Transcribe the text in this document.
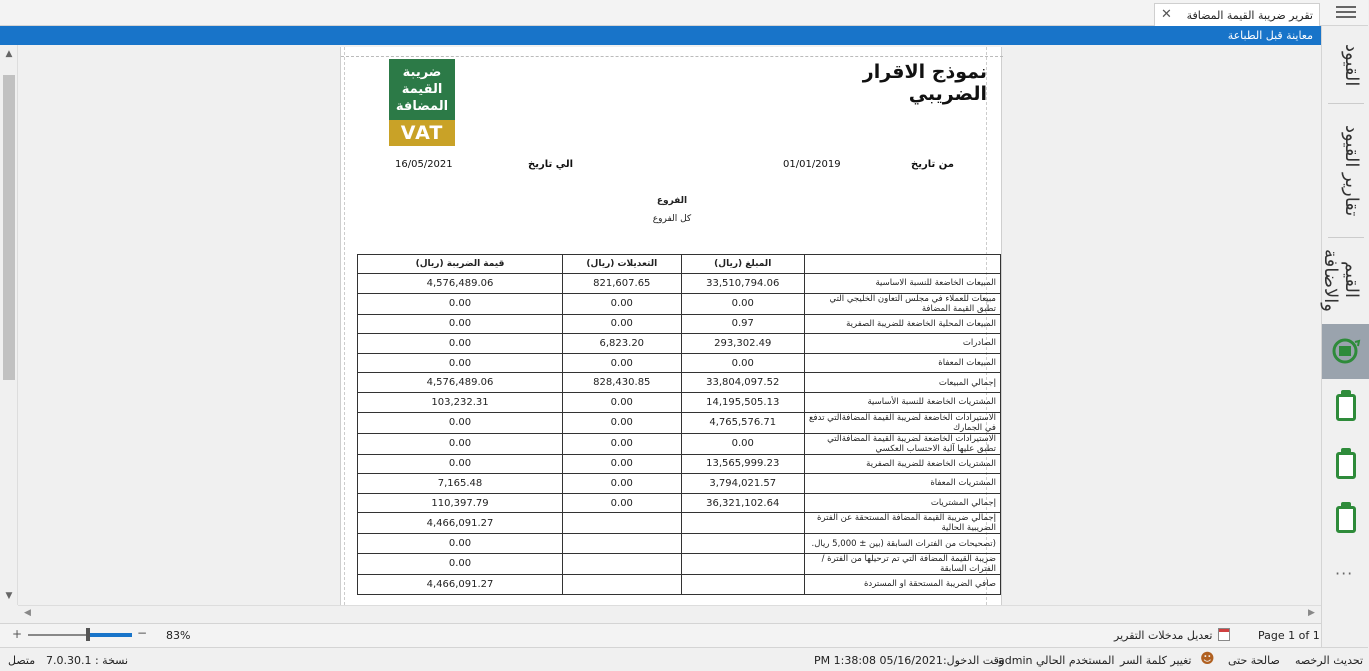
تقرير ضريبة القيمة المضافة
✕
معاينة قبل الطباعة
▲
▼
نموذج الاقرار الضريبي
ضريبة
القيمة
المضافة
VAT
من تاريخ
01/01/2019
الي تاريخ
16/05/2021
الفروع
كل الفروع
قيمة الضريبة (ريال)	التعديلات (ريال)	المبلغ (ريال)	
4,576,489.06	821,607.65	33,510,794.06	المبيعات الخاضعة للنسبة الاساسية
0.00	0.00	0.00	مبيعات للعملاء في مجلس التعاون الخليجي التي تطبق القيمة المضافة
0.00	0.00	0.97	المبيعات المحلية الخاضعة للضريبة الصفرية
0.00	6,823.20	293,302.49	الصادرات
0.00	0.00	0.00	المبيعات المعفاة
4,576,489.06	828,430.85	33,804,097.52	إجمالي المبيعات
103,232.31	0.00	14,195,505.13	المشتريات الخاضعة للنسبة الأساسية
0.00	0.00	4,765,576.71	الاستيرادات الخاضعة لضريبة القيمة المضافةالتي تدفع في الجمارك
0.00	0.00	0.00	الاستيرادات الخاضعة لضريبة القيمة المضافةالتي تطبق عليها آلية الاحتساب العكسي
0.00	0.00	13,565,999.23	المشتريات الخاضعة للضريبة الصفرية
7,165.48	0.00	3,794,021.57	المشتريات المعفاة
110,397.79	0.00	36,321,102.64	إجمالي المشتريات
4,466,091.27			إجمالي ضريبة القيمة المضافة المستحقة عن الفترة الضريبية الحالية
0.00			(تصحيحات من الفترات السابقة (بين ± 5,000 ريال.
0.00			ضريبة القيمة المضافة التي تم ترحيلها من الفترة / الفترات السابقة
4,466,091.27			صافي الضريبة المستحقة او المستردة
◀	▶
+	− 83%	تعديل مدخلات التقرير	Page 1 of 1
متصل نسخة : 7.0.30.1	وقت الدخول:05/16/2021 1:38:08 PM
المستخدم الحالي admin تغيير كلمة السر ☻ صالحة حتى تحديث الرخصه
القيود
تقارير القيود
القيم والاضافة
···
